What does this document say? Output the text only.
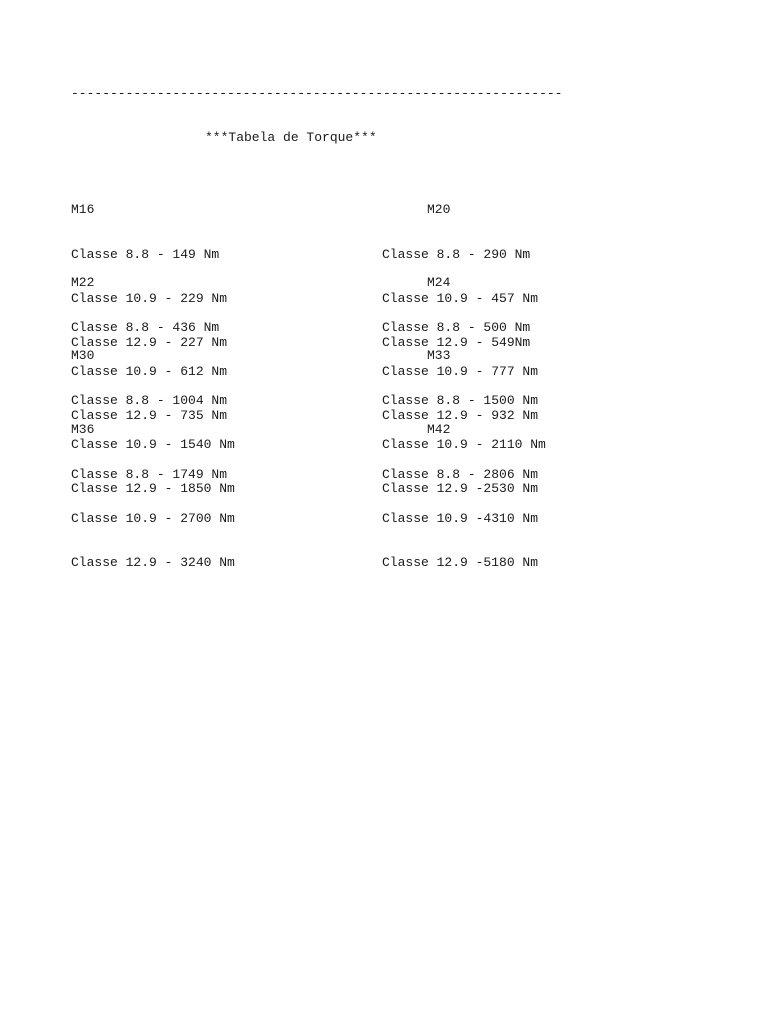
---------------------------------------------------------------
***Tabela de Torque***

M16

Classe 8.8 - 149 Nm

Classe 10.9 - 229 Nm

Classe 12.9 - 227 Nm

M20

Classe 8.8 - 290 Nm

Classe 10.9 - 457 Nm

Classe 12.9 - 549Nm

M22

Classe 8.8 - 436 Nm

Classe 10.9 - 612 Nm

Classe 12.9 - 735 Nm

M24

Classe 8.8 - 500 Nm

Classe 10.9 - 777 Nm

Classe 12.9 - 932 Nm

M30

Classe 8.8 - 1004 Nm

Classe 10.9 - 1540 Nm

Classe 12.9 - 1850 Nm

M33

Classe 8.8 - 1500 Nm

Classe 10.9 - 2110 Nm

Classe 12.9 -2530 Nm

M36

Classe 8.8 - 1749 Nm

Classe 10.9 - 2700 Nm

Classe 12.9 - 3240 Nm

M42

Classe 8.8 - 2806 Nm

Classe 10.9 -4310 Nm

Classe 12.9 -5180 Nm
